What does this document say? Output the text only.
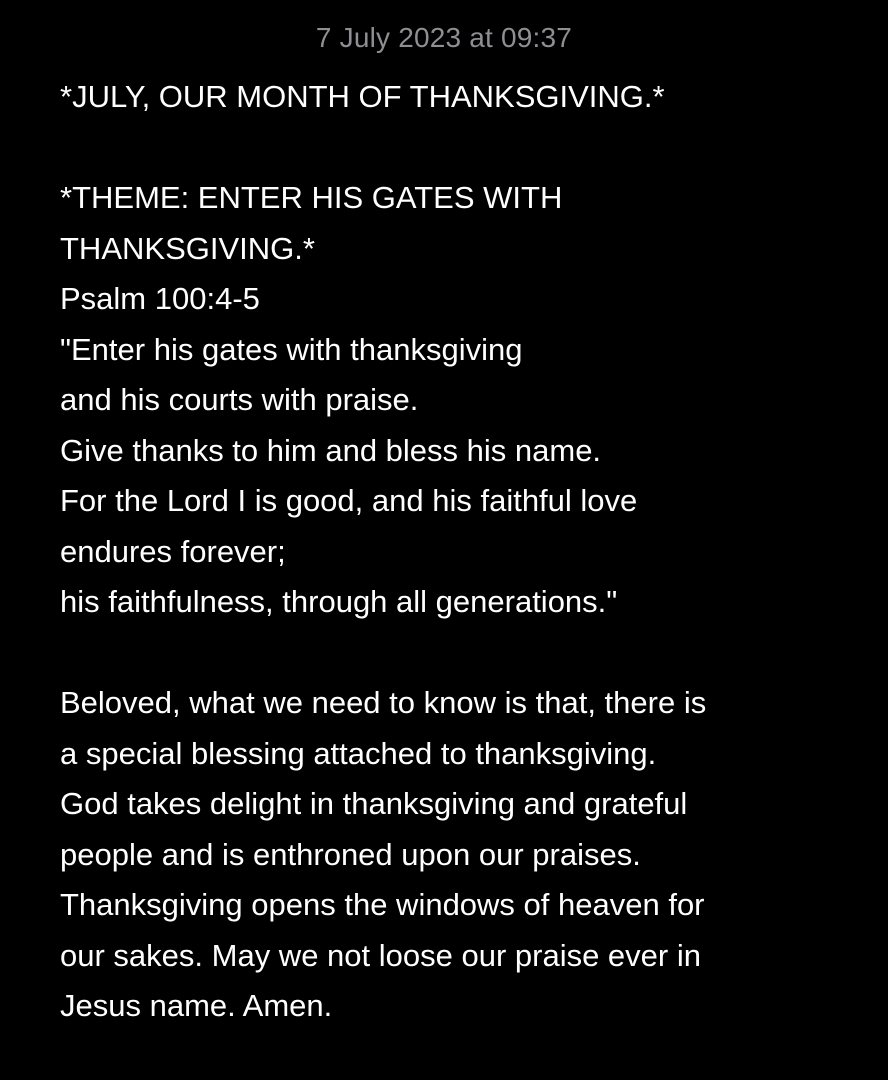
7 July 2023 at 09:37
*JULY, OUR MONTH OF THANKSGIVING.*
*THEME: ENTER HIS GATES WITH
THANKSGIVING.*
Psalm 100:4-5
"Enter his gates with thanksgiving
and his courts with praise.
Give thanks to him and bless his name.
For the Lord I is good, and his faithful love
endures forever;
his faithfulness, through all generations."
Beloved, what we need to know is that, there is
a special blessing attached to thanksgiving.
God takes delight in thanksgiving and grateful
people and is enthroned upon our praises.
Thanksgiving opens the windows of heaven for
our sakes. May we not loose our praise ever in
Jesus name. Amen.
